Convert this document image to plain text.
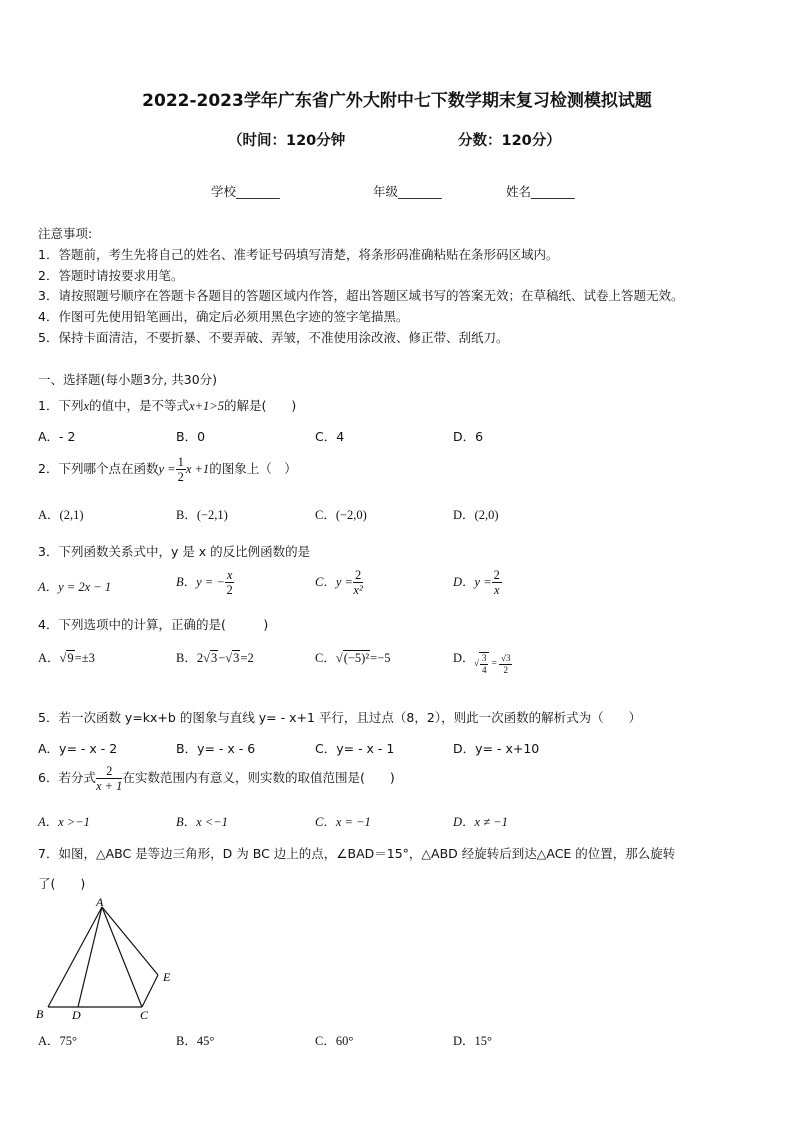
2022-2023学年广东省广外大附中七下数学期末复习检测模拟试题
（时间：120分钟	分数：120分）
学校_______	年级_______	姓名_______
注意事项:
1．答题前，考生先将自己的姓名、准考证号码填写清楚，将条形码准确粘贴在条形码区域内。
2．答题时请按要求用笔。
3．请按照题号顺序在答题卡各题目的答题区域内作答，超出答题区域书写的答案无效；在草稿纸、试卷上答题无效。
4．作图可先使用铅笔画出，确定后必须用黑色字迹的签字笔描黑。
5．保持卡面清洁，不要折暴、不要弄破、弄皱，不准使用涂改液、修正带、刮纸刀。
一、选择题(每小题3分, 共30分)
1．下列x的值中，是不等式x+1>5的解是(　　)
A．- 2	B．0	C．4	D．6
2．下列哪个点在函数$y = \frac{1}{2}$ x +1的图象上（　）
A．(2,1)	B．(−2,1)	C．(−2,0)	D．(2,0)
3．下列函数关系式中，y 是 x 的反比例函数的是
A．y = 2x − 1	B．y = − $\frac{x}{2}$	C．$y = \frac{2}{\text{x²}}$	D．$y = \frac{2}{x}$
4．下列选项中的计算，正确的是(　　　)
A．√9=±3	B．2√3−√3=2	C．√(−5)²=−5	D． √ $\frac{3}{4} = \frac{√3}{2}$
5．若一次函数 y=kx+b 的图象与直线 y= - x+1 平行，且过点（8，2），则此一次函数的解析式为（　　）
A．y= - x - 2	B．y= - x - 6	C．y= - x - 1	D．y= - x+10
6．若分式 $\frac{2}{x + 1}$ 在实数范围内有意义，则实数的取值范围是(　　)
A．x >−1	B．x <−1	C．x = −1	D．x ≠ −1
7．如图，△ABC 是等边三角形，D 为 BC 边上的点，∠BAD＝15°，△ABD 经旋转后到达△ACE 的位置，那么旋转
了(　　)
A
B D	C
E
A．75°	B．45°	C．60°	D．15°
